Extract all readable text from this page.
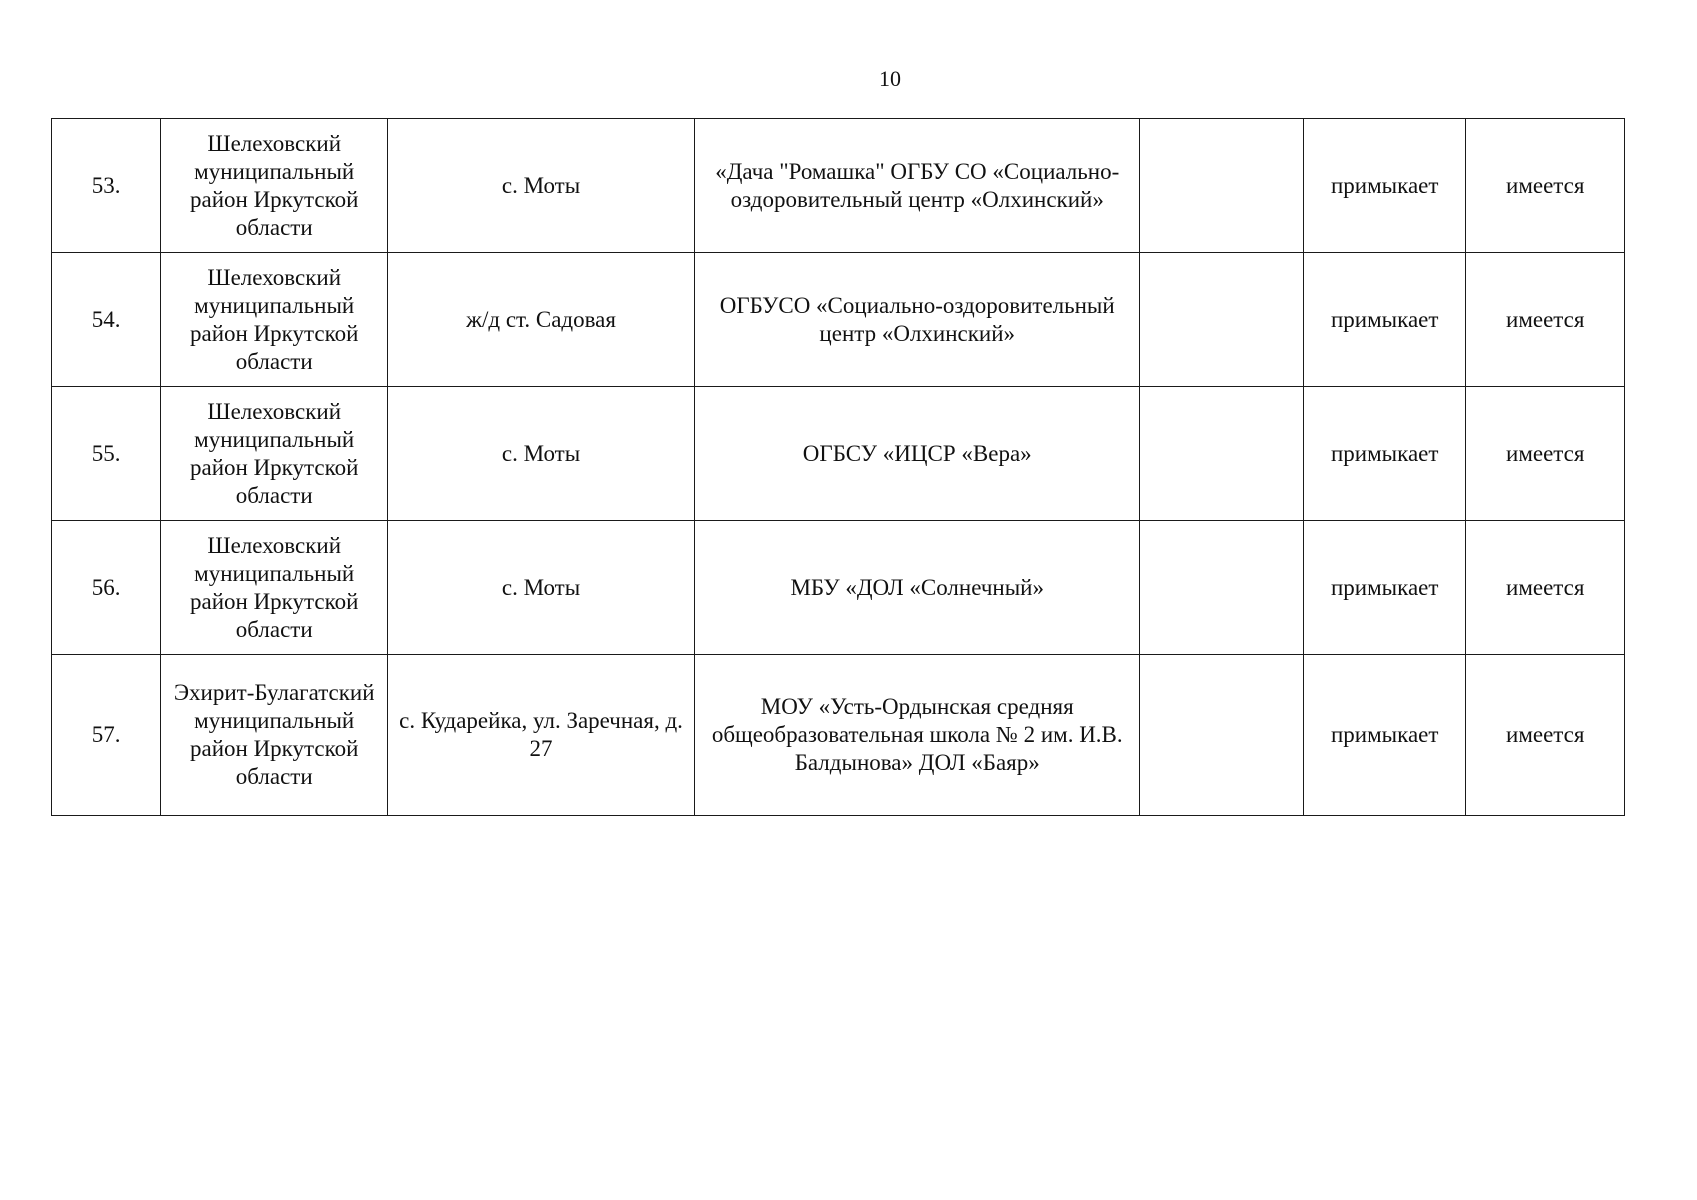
10
53.	Шелеховский муниципальный район Иркутской области	с. Моты	«Дача "Ромашка" ОГБУ СО «Социально-оздоровительный центр «Олхинский»		примыкает	имеется
54.	Шелеховский муниципальный район Иркутской области	ж/д ст. Садовая	ОГБУСО «Социально-оздоровительный центр «Олхинский»		примыкает	имеется
55.	Шелеховский муниципальный район Иркутской области	с. Моты	ОГБСУ «ИЦСР «Вера»		примыкает	имеется
56.	Шелеховский муниципальный район Иркутской области	с. Моты	МБУ «ДОЛ «Солнечный»		примыкает	имеется
57.	Эхирит-Булагатский муниципальный район Иркутской области	с. Кударейка, ул. Заречная, д. 27	МОУ «Усть-Ордынская средняя общеобразовательная школа № 2 им. И.В. Балдынова» ДОЛ «Баяр»		примыкает	имеется
